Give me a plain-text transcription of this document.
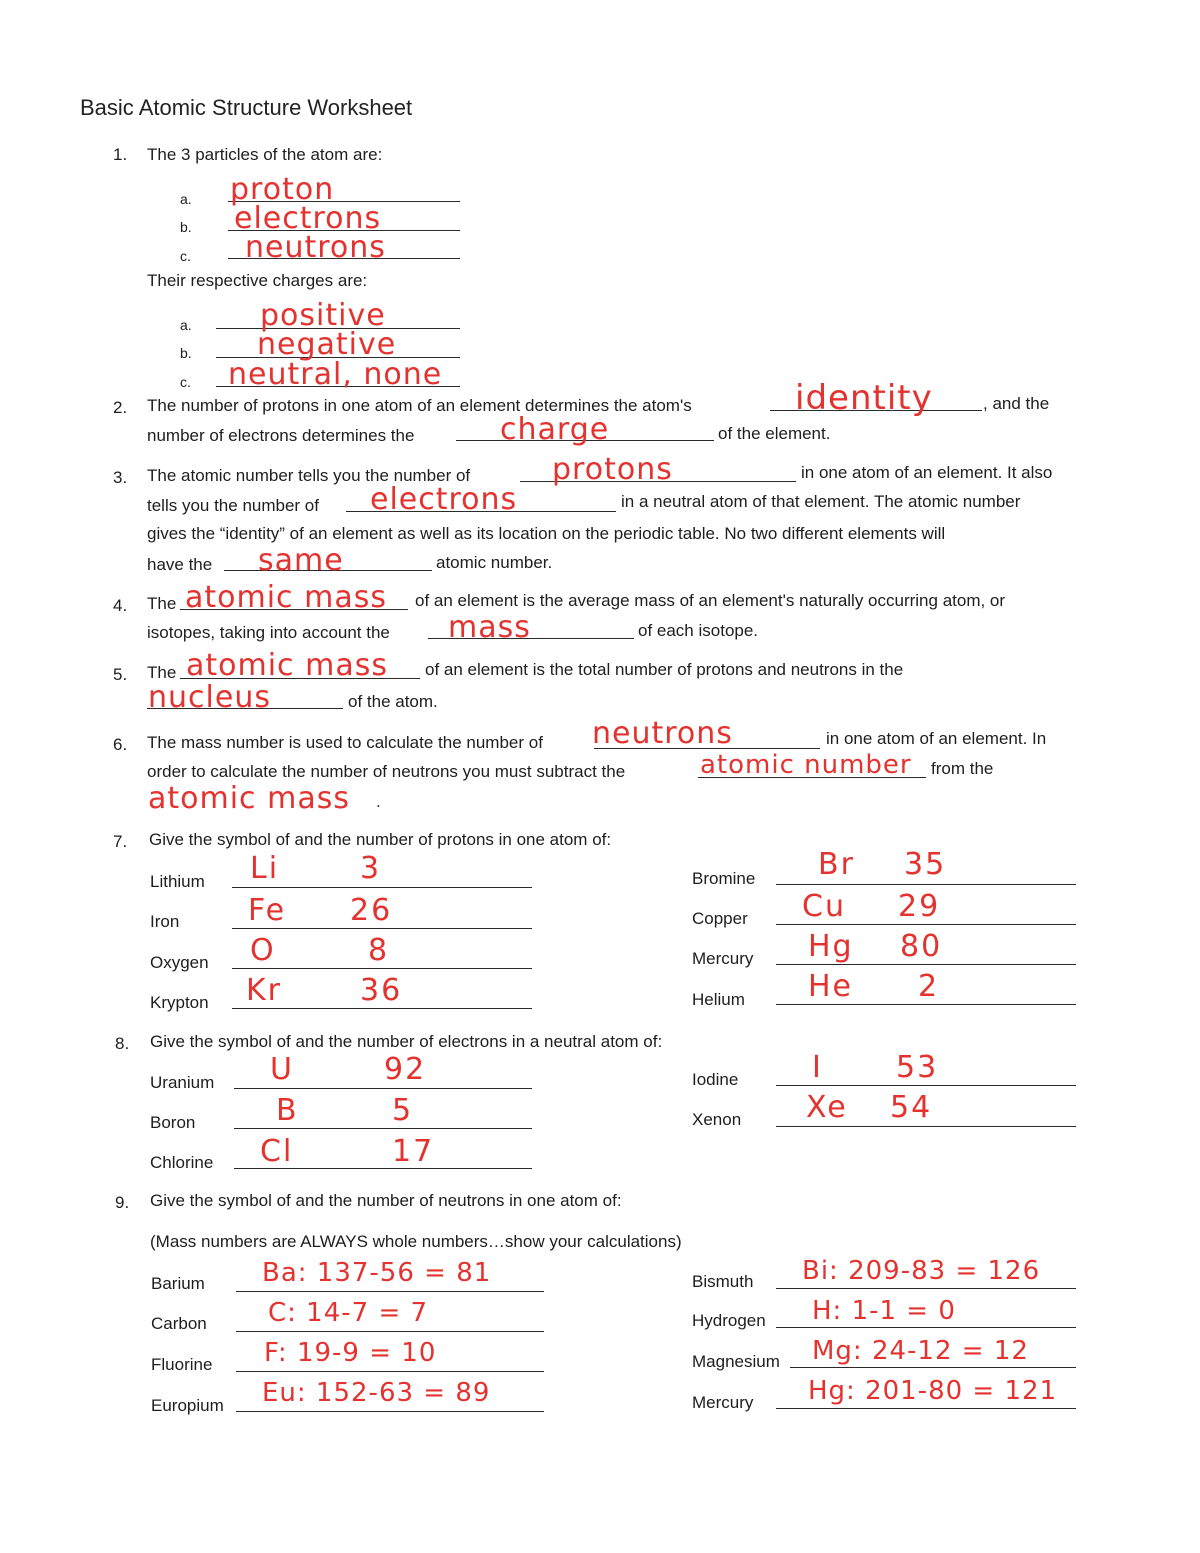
Basic Atomic Structure Worksheet
1. The 3 particles of the atom are:
a. proton
b. electrons
c. neutrons
Their respective charges are:
a. positive
b. negative
c. neutral, none
2. The number of protons in one atom of an element determines the atom's	identity	, and the
number of electrons determines the	charge	of the element.
3. The atomic number tells you the number of	protons	in one atom of an element. It also
tells you the number of electrons	in a neutral atom of that element. The atomic number
gives the “identity” of an element as well as its location on the periodic table. No two different elements will
have the same	atomic number.
4. The atomic mass of an element is the average mass of an element's naturally occurring atom, or
isotopes, taking into account the mass	of each isotope.
5. The atomic mass of an element is the total number of protons and neutrons in the
nucleus	of the atom.
6. The mass number is used to calculate the number of neutrons	in one atom of an element. In
order to calculate the number of neutrons you must subtract the	atomic number from the
atomic mass .
7. Give the symbol of and the number of protons in one atom of:
Lithium Li	3
Iron Fe 26
Oxygen O	8
Krypton Kr	36
Bromine Br 35
Copper Cu 29
Mercury Hg 80
Helium He 2
8. Give the symbol of and the number of electrons in a neutral atom of:
Uranium U	92
Boron	B	5
Chlorine Cl	17
Iodine I 53
Xenon Xe 54
9. Give the symbol of and the number of neutrons in one atom of:
(Mass numbers are ALWAYS whole numbers…show your calculations)
Barium Ba: 137-56 = 81
Carbon C: 14-7 = 7
Fluorine F: 19-9 = 10
Europium Eu: 152-63 = 89
Bismuth Bi: 209-83 = 126
Hydrogen H: 1-1 = 0
Magnesium Mg: 24-12 = 12
Mercury Hg: 201-80 = 121
